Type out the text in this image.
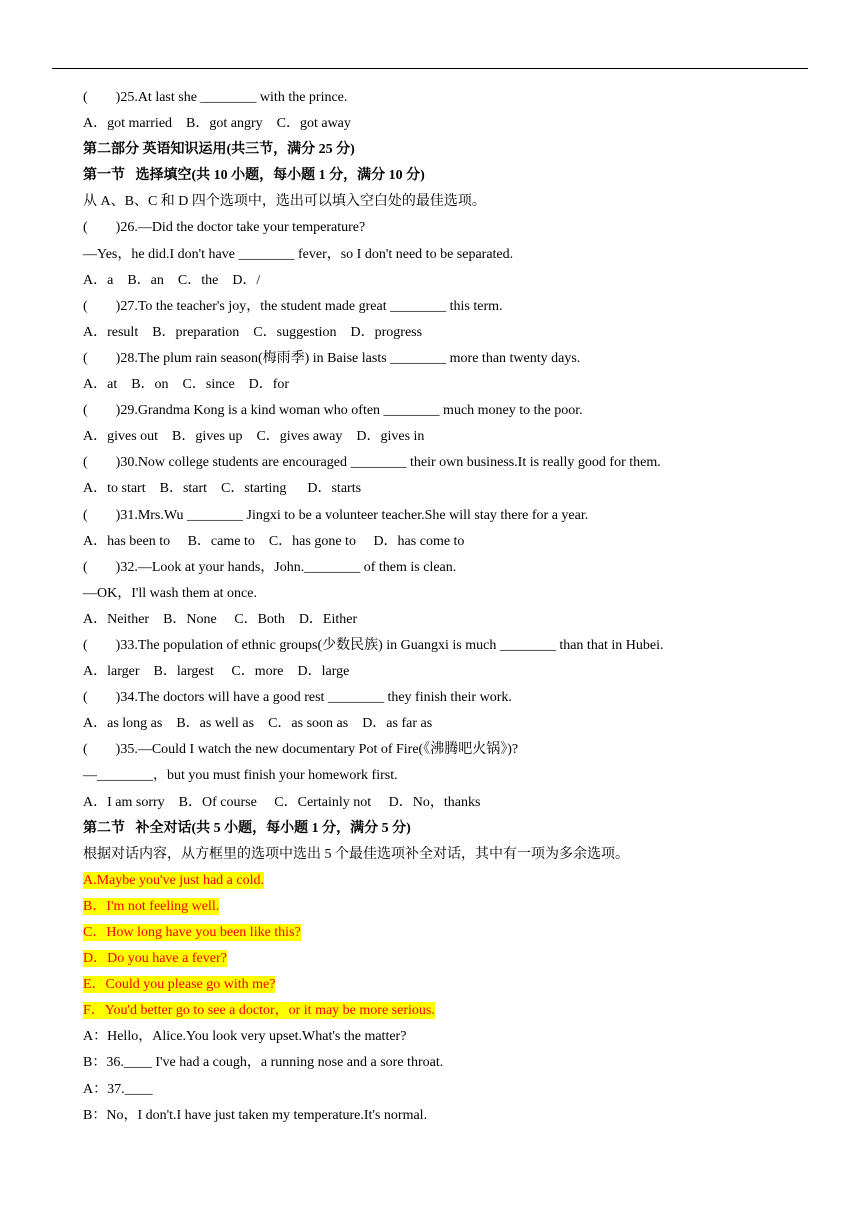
(        )25.At last she ________ with the prince.
A．got married    B．got angry    C．got away
第二部分 英语知识运用(共三节，满分 25 分)
第一节   选择填空(共 10 小题，每小题 1 分，满分 10 分)
从 A、B、C 和 D 四个选项中，选出可以填入空白处的最佳选项。
(        )26.—Did the doctor take your temperature?
—Yes，he did.I don't have ________ fever，so I don't need to be separated.
A．a    B．an    C．the    D．/
(        )27.To the teacher's joy，the student made great ________ this term.
A．result    B．preparation    C．suggestion    D．progress
(        )28.The plum rain season(梅雨季) in Baise lasts ________ more than twenty days.
A．at    B．on    C．since    D．for
(        )29.Grandma Kong is a kind woman who often ________ much money to the poor.
A．gives out    B．gives up    C．gives away    D．gives in
(        )30.Now college students are encouraged ________ their own business.It is really good for them.
A．to start    B．start    C．starting      D．starts
(        )31.Mrs.Wu ________ Jingxi to be a volunteer teacher.She will stay there for a year.
A．has been to     B．came to    C．has gone to     D．has come to
(        )32.—Look at your hands，John.________ of them is clean.
—OK，I'll wash them at once.
A．Neither    B．None     C．Both    D．Either
(        )33.The population of ethnic groups(少数民族) in Guangxi is much ________ than that in Hubei.
A．larger    B．largest     C．more    D．large
(        )34.The doctors will have a good rest ________ they finish their work.
A．as long as    B．as well as    C．as soon as    D．as far as
(        )35.—Could I watch the new documentary Pot of Fire(《沸腾吧火锅》)?
—________，but you must finish your homework first.
A．I am sorry    B．Of course     C．Certainly not     D．No，thanks
第二节   补全对话(共 5 小题，每小题 1 分，满分 5 分)
根据对话内容，从方框里的选项中选出 5 个最佳选项补全对话，其中有一项为多余选项。
A.Maybe you've just had a cold.
B．I'm not feeling well.
C．How long have you been like this?
D．Do you have a fever?
E．Could you please go with me?
F．You'd better go to see a doctor，or it may be more serious.
A：Hello，Alice.You look very upset.What's the matter?
B：36.____ I've had a cough，a running nose and a sore throat.
A：37.____
B：No，I don't.I have just taken my temperature.It's normal.
